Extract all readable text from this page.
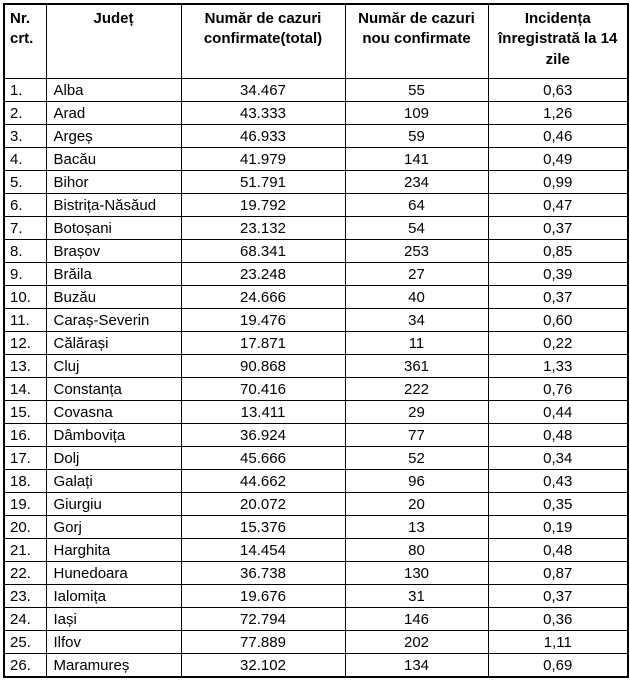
Nr. crt.	Județ	Număr de cazuri confirmate(total)	Număr de cazuri nou confirmate	Incidența înregistrată la 14 zile
1.	Alba	34.467	55	0,63
2.	Arad	43.333	109	1,26
3.	Argeș	46.933	59	0,46
4.	Bacău	41.979	141	0,49
5.	Bihor	51.791	234	0,99
6.	Bistrița-Năsăud	19.792	64	0,47
7.	Botoșani	23.132	54	0,37
8.	Brașov	68.341	253	0,85
9.	Brăila	23.248	27	0,39
10.	Buzău	24.666	40	0,37
11.	Caraș-Severin	19.476	34	0,60
12.	Călărași	17.871	11	0,22
13.	Cluj	90.868	361	1,33
14.	Constanța	70.416	222	0,76
15.	Covasna	13.411	29	0,44
16.	Dâmbovița	36.924	77	0,48
17.	Dolj	45.666	52	0,34
18.	Galați	44.662	96	0,43
19.	Giurgiu	20.072	20	0,35
20.	Gorj	15.376	13	0,19
21.	Harghita	14.454	80	0,48
22.	Hunedoara	36.738	130	0,87
23.	Ialomița	19.676	31	0,37
24.	Iași	72.794	146	0,36
25.	Ilfov	77.889	202	1,11
26.	Maramureș	32.102	134	0,69
